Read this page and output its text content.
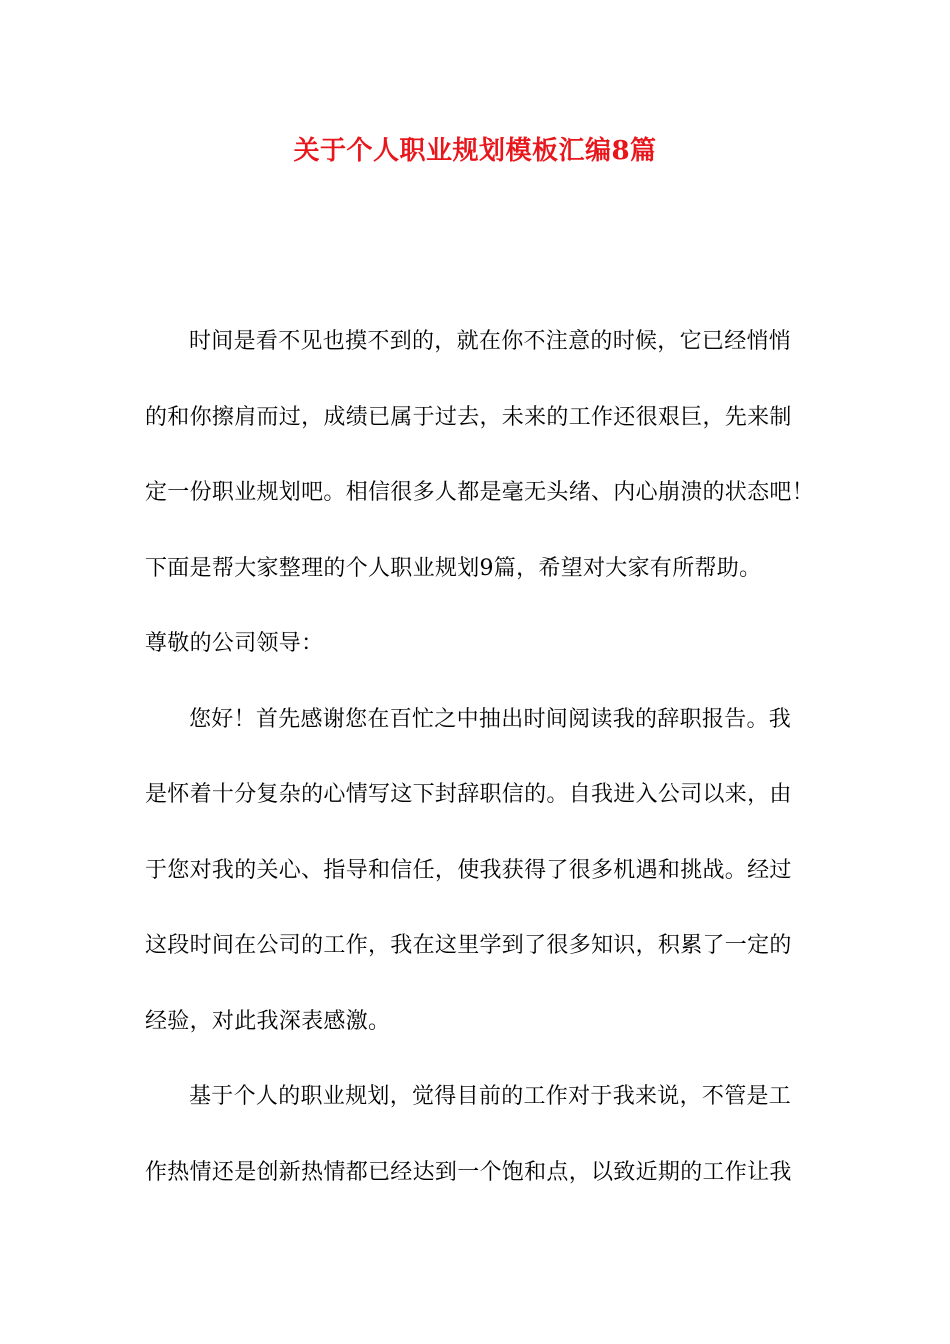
关于个人职业规划模板汇编8篇
时间是看不见也摸不到的，就在你不注意的时候，它已经悄悄
的和你擦肩而过，成绩已属于过去，未来的工作还很艰巨，先来制
定一份职业规划吧。相信很多人都是毫无头绪、内心崩溃的状态吧！
下面是帮大家整理的个人职业规划9篇，希望对大家有所帮助。
尊敬的公司领导：
您好！首先感谢您在百忙之中抽出时间阅读我的辞职报告。我
是怀着十分复杂的心情写这下封辞职信的。自我进入公司以来，由
于您对我的关心、指导和信任，使我获得了很多机遇和挑战。经过
这段时间在公司的工作，我在这里学到了很多知识，积累了一定的
经验，对此我深表感激。
基于个人的职业规划，觉得目前的工作对于我来说，不管是工
作热情还是创新热情都已经达到一个饱和点，以致近期的工作让我
